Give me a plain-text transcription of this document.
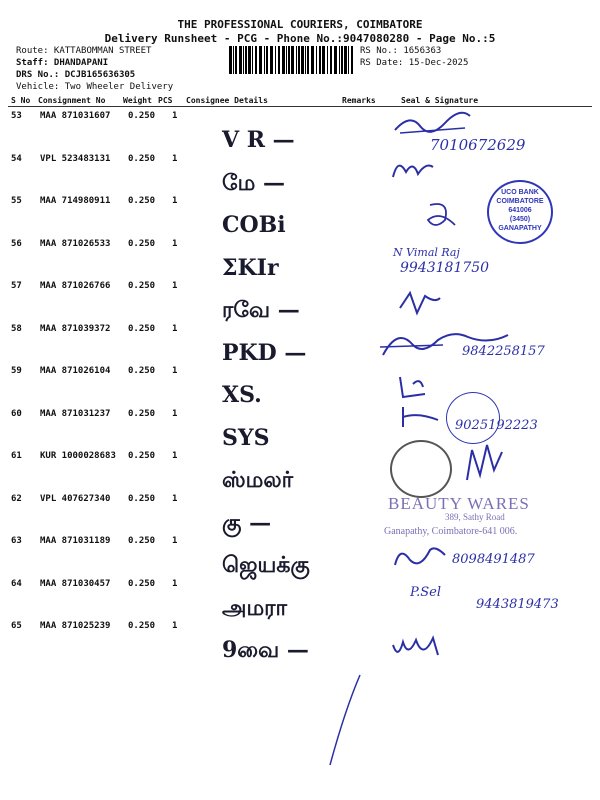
THE PROFESSIONAL COURIERS, COIMBATORE
Delivery Runsheet - PCG - Phone No.:9047080280 - Page No.:5
Route: KATTABOMMAN STREET
Staff: DHANDAPANI
DRS No.: DCJB165636305
Vehicle: Two Wheeler Delivery
RS No.: 1656363
RS Date: 15-Dec-2025
S No Consignment No Weight PCS Consignee Details	Remarks	Seal & Signature
53 MAA 871031607 0.250 1
V R —
54 VPL 523483131 0.250 1
மே —
55 MAA 714980911 0.250 1
COBi
56 MAA 871026533 0.250 1
ΣKIr
57 MAA 871026766 0.250 1
ரவே —
58 MAA 871039372 0.250 1
PKD —
59 MAA 871026104 0.250 1
XS.
60 MAA 871031237 0.250 1
SYS
61 KUR 1000028683 0.250 1
ஸ்மலர்
62 VPL 407627340 0.250 1
கு —
63 MAA 871031189 0.250 1
ஜெயக்கு
64 MAA 871030457 0.250 1
அமரா
65 MAA 871025239 0.250 1
9வை —
7010672629
UCO BANK
COIMBATORE
641006
(3450)
GANAPATHY
N Vimal Raj
9943181750
9842258157
9025192223
BEAUTY WARES
389, Sathy Road
Ganapathy, Coimbatore-641 006.
8098491487
P.Sel
9443819473
